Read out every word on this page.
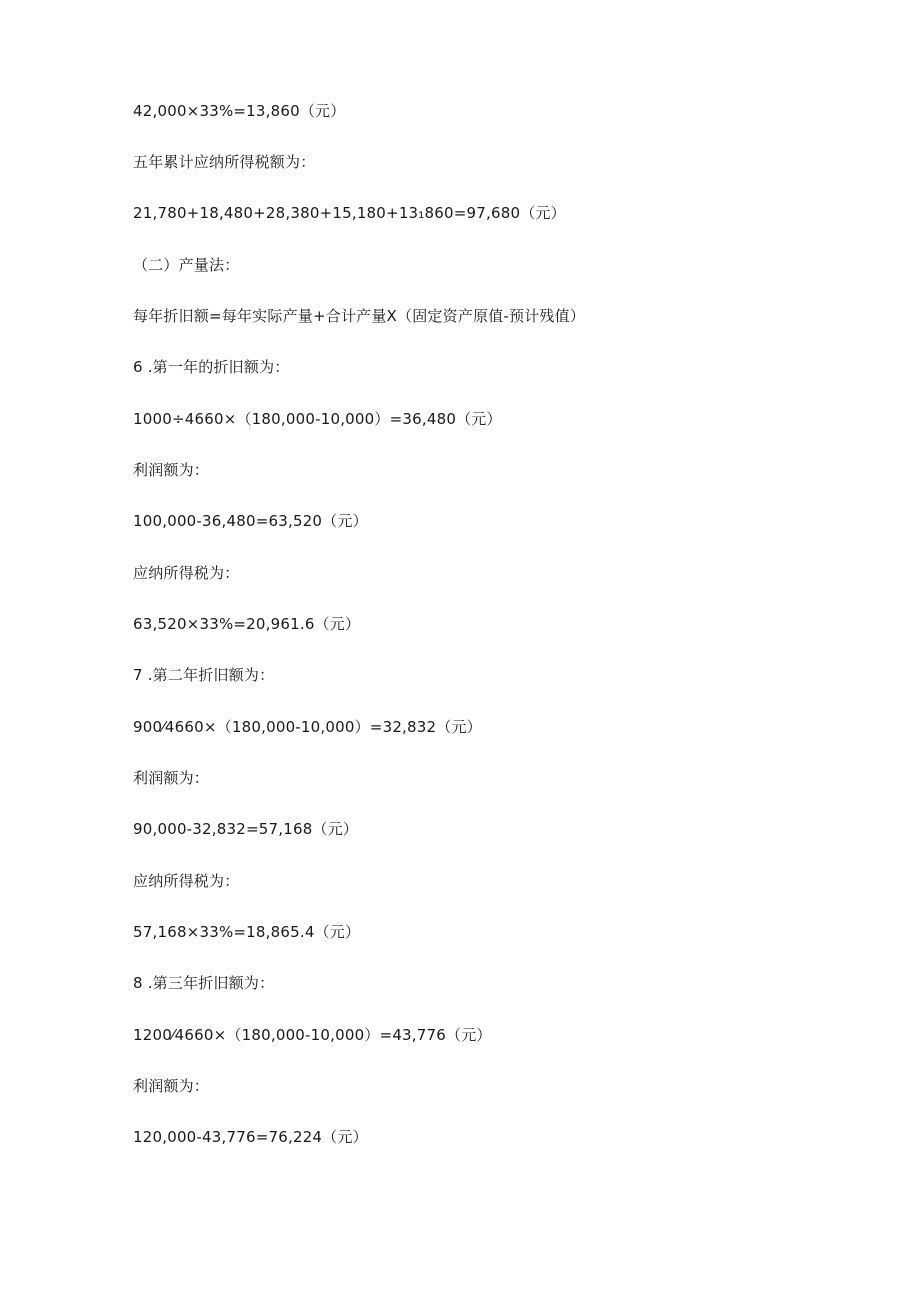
42,000×33%=13,860（元）
五年累计应纳所得税额为：
21,780+18,480+28,380+15,180+13₁860=97,680（元）
（二）产量法：
每年折旧额=每年实际产量+合计产量X（固定资产原值-预计残值）
6 .第一年的折旧额为：
1000÷4660×（180,000-10,000）=36,480（元）
利润额为：
100,000-36,480=63,520（元）
应纳所得税为：
63,520×33%=20,961.6（元）
7 .第二年折旧额为：
900⁄4660×（180,000-10,000）=32,832（元）
利润额为：
90,000-32,832=57,168（元）
应纳所得税为：
57,168×33%=18,865.4（元）
8 .第三年折旧额为：
1200⁄4660×（180,000-10,000）=43,776（元）
利润额为：
120,000-43,776=76,224（元）
